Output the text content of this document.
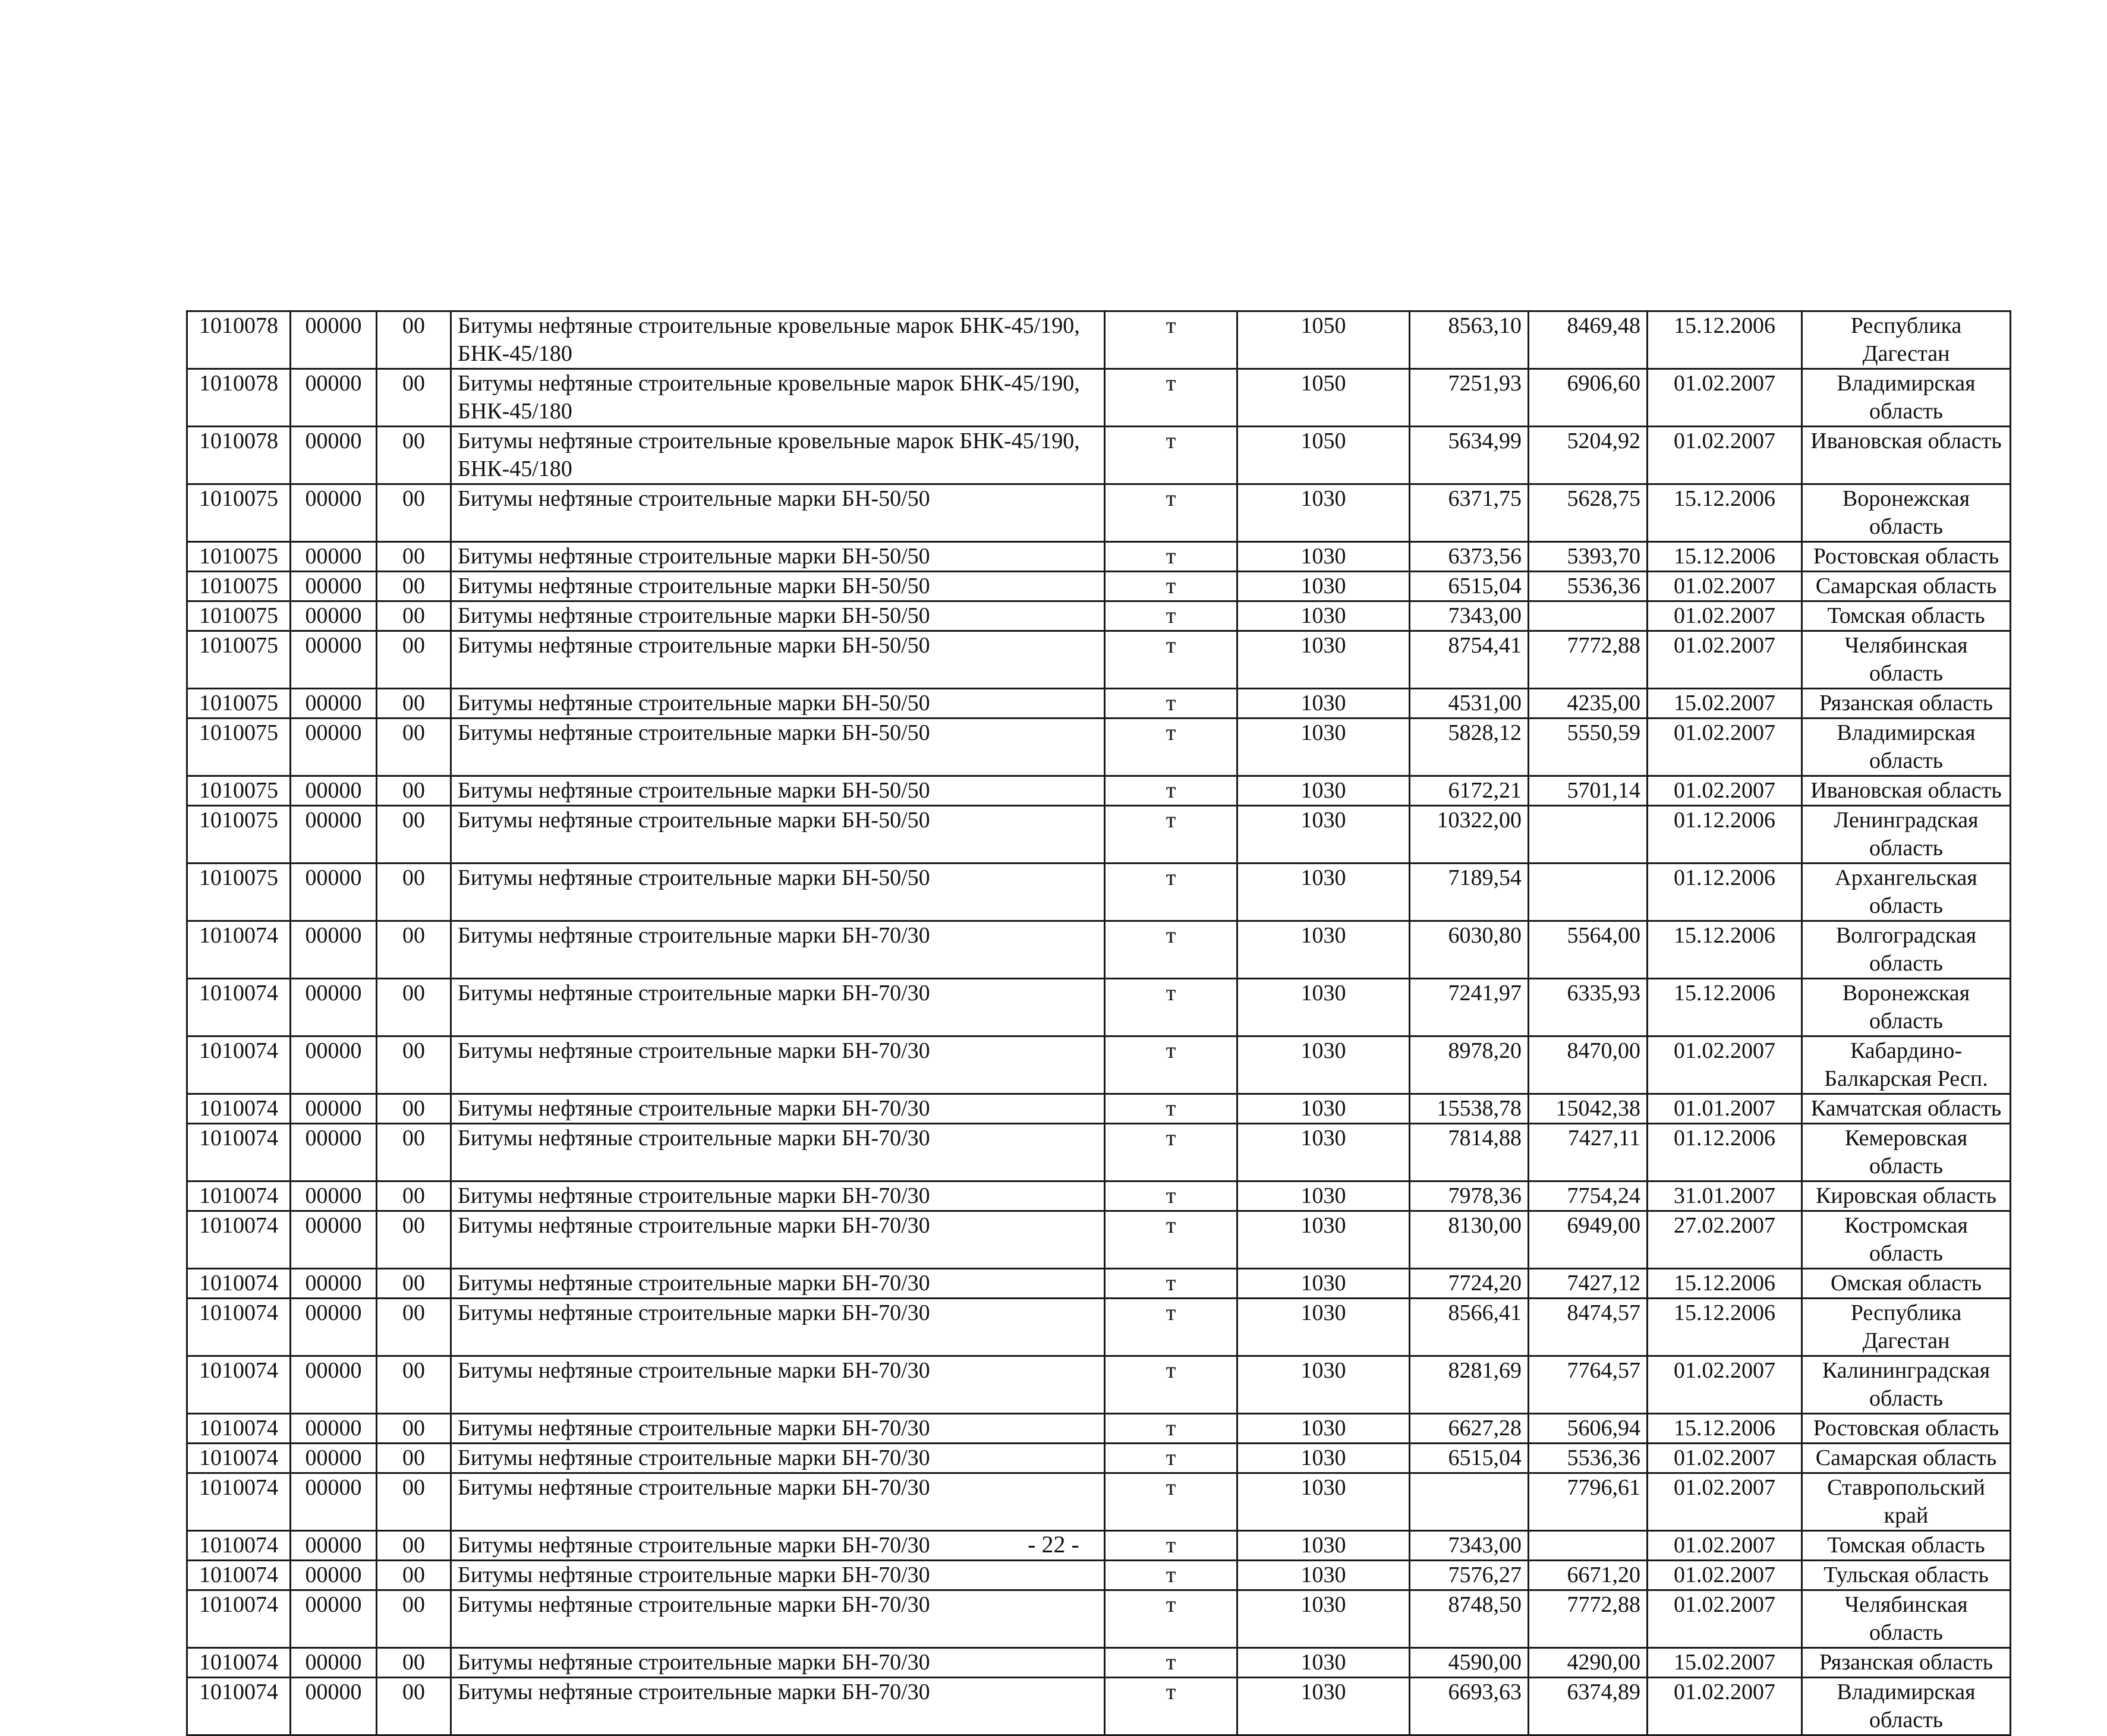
1010078	00000	00	Битумы нефтяные строительные кровельные марок БНК-45/190, БНК-45/180	т	1050	8563,10	8469,48	15.12.2006	Республика Дагестан
1010078	00000	00	Битумы нефтяные строительные кровельные марок БНК-45/190, БНК-45/180	т	1050	7251,93	6906,60	01.02.2007	Владимирская область
1010078	00000	00	Битумы нефтяные строительные кровельные марок БНК-45/190, БНК-45/180	т	1050	5634,99	5204,92	01.02.2007	Ивановская область
1010075	00000	00	Битумы нефтяные строительные марки БН-50/50	т	1030	6371,75	5628,75	15.12.2006	Воронежская область
1010075	00000	00	Битумы нефтяные строительные марки БН-50/50	т	1030	6373,56	5393,70	15.12.2006	Ростовская область
1010075	00000	00	Битумы нефтяные строительные марки БН-50/50	т	1030	6515,04	5536,36	01.02.2007	Самарская область
1010075	00000	00	Битумы нефтяные строительные марки БН-50/50	т	1030	7343,00		01.02.2007	Томская область
1010075	00000	00	Битумы нефтяные строительные марки БН-50/50	т	1030	8754,41	7772,88	01.02.2007	Челябинская область
1010075	00000	00	Битумы нефтяные строительные марки БН-50/50	т	1030	4531,00	4235,00	15.02.2007	Рязанская область
1010075	00000	00	Битумы нефтяные строительные марки БН-50/50	т	1030	5828,12	5550,59	01.02.2007	Владимирская область
1010075	00000	00	Битумы нефтяные строительные марки БН-50/50	т	1030	6172,21	5701,14	01.02.2007	Ивановская область
1010075	00000	00	Битумы нефтяные строительные марки БН-50/50	т	1030	10322,00		01.12.2006	Ленинградская область
1010075	00000	00	Битумы нефтяные строительные марки БН-50/50	т	1030	7189,54		01.12.2006	Архангельская область
1010074	00000	00	Битумы нефтяные строительные марки БН-70/30	т	1030	6030,80	5564,00	15.12.2006	Волгоградская область
1010074	00000	00	Битумы нефтяные строительные марки БН-70/30	т	1030	7241,97	6335,93	15.12.2006	Воронежская область
1010074	00000	00	Битумы нефтяные строительные марки БН-70/30	т	1030	8978,20	8470,00	01.02.2007	Кабардино-Балкарская Респ.
1010074	00000	00	Битумы нефтяные строительные марки БН-70/30	т	1030	15538,78	15042,38	01.01.2007	Камчатская область
1010074	00000	00	Битумы нефтяные строительные марки БН-70/30	т	1030	7814,88	7427,11	01.12.2006	Кемеровская область
1010074	00000	00	Битумы нефтяные строительные марки БН-70/30	т	1030	7978,36	7754,24	31.01.2007	Кировская область
1010074	00000	00	Битумы нефтяные строительные марки БН-70/30	т	1030	8130,00	6949,00	27.02.2007	Костромская область
1010074	00000	00	Битумы нефтяные строительные марки БН-70/30	т	1030	7724,20	7427,12	15.12.2006	Омская область
1010074	00000	00	Битумы нефтяные строительные марки БН-70/30	т	1030	8566,41	8474,57	15.12.2006	Республика Дагестан
1010074	00000	00	Битумы нефтяные строительные марки БН-70/30	т	1030	8281,69	7764,57	01.02.2007	Калининградская область
1010074	00000	00	Битумы нефтяные строительные марки БН-70/30	т	1030	6627,28	5606,94	15.12.2006	Ростовская область
1010074	00000	00	Битумы нефтяные строительные марки БН-70/30	т	1030	6515,04	5536,36	01.02.2007	Самарская область
1010074	00000	00	Битумы нефтяные строительные марки БН-70/30	т	1030		7796,61	01.02.2007	Ставропольский край
1010074	00000	00	Битумы нефтяные строительные марки БН-70/30	т	1030	7343,00		01.02.2007	Томская область
1010074	00000	00	Битумы нефтяные строительные марки БН-70/30	т	1030	7576,27	6671,20	01.02.2007	Тульская область
1010074	00000	00	Битумы нефтяные строительные марки БН-70/30	т	1030	8748,50	7772,88	01.02.2007	Челябинская область
1010074	00000	00	Битумы нефтяные строительные марки БН-70/30	т	1030	4590,00	4290,00	15.02.2007	Рязанская область
1010074	00000	00	Битумы нефтяные строительные марки БН-70/30	т	1030	6693,63	6374,89	01.02.2007	Владимирская область
- 22 -
